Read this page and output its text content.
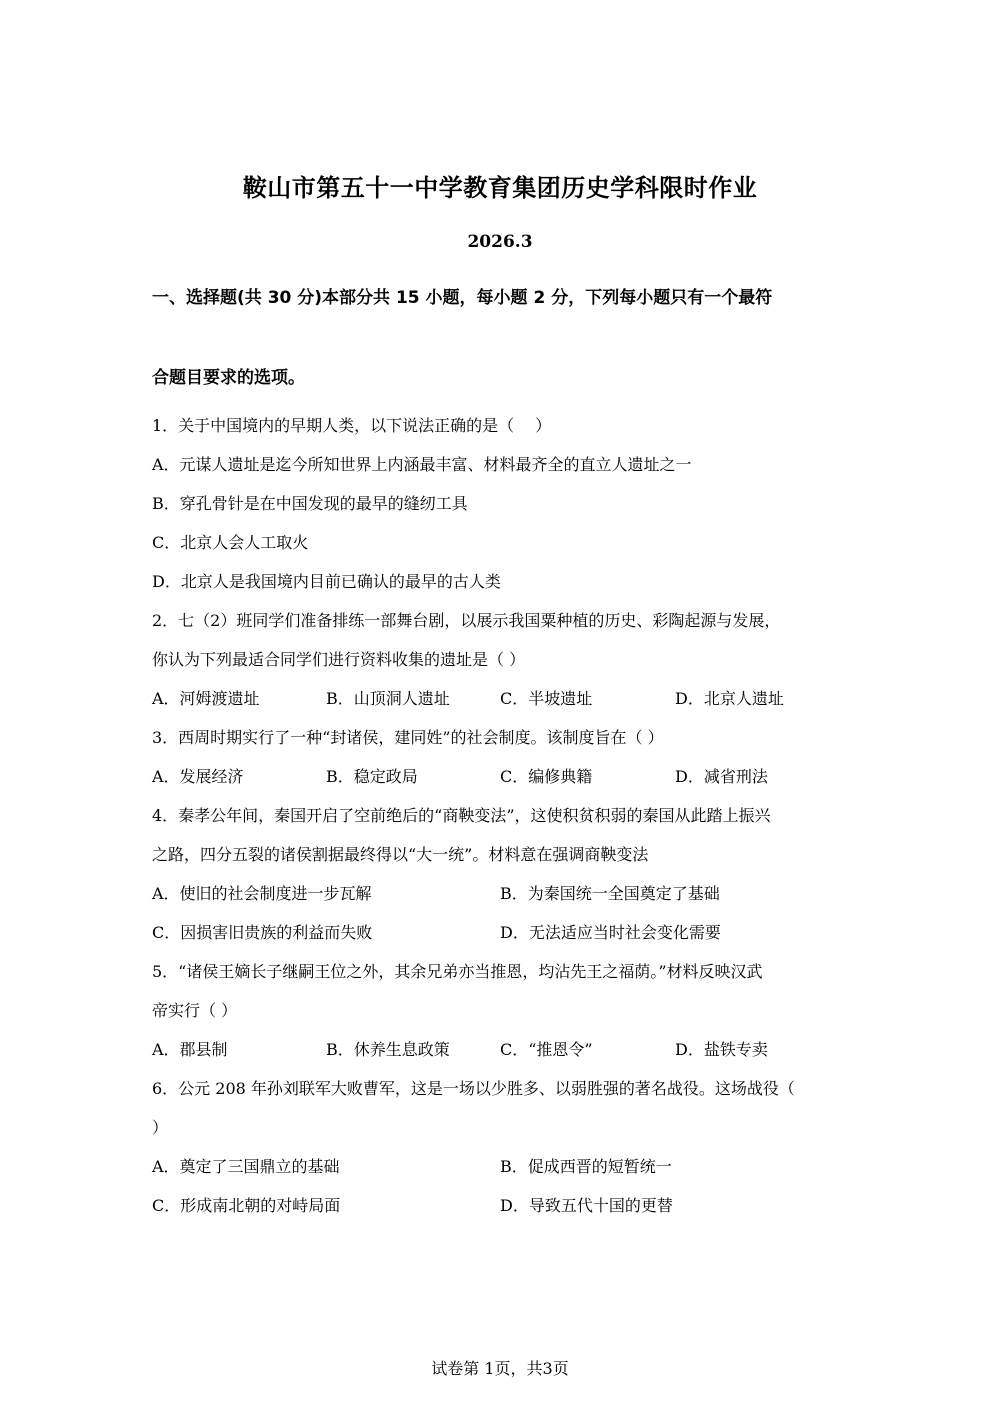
鞍山市第五十一中学教育集团历史学科限时作业
2026.3
一、选择题(共 30 分)本部分共 15 小题，每小题 2 分，下列每小题只有一个最符
合题目要求的选项。
1．关于中国境内的早期人类，以下说法正确的是（　 ）
A．元谋人遗址是迄今所知世界上内涵最丰富、材料最齐全的直立人遗址之一
B．穿孔骨针是在中国发现的最早的缝纫工具
C．北京人会人工取火
D．北京人是我国境内目前已确认的最早的古人类
2．七（2）班同学们准备排练一部舞台剧，以展示我国粟种植的历史、彩陶起源与发展，
你认为下列最适合同学们进行资料收集的遗址是（ ）
A．河姆渡遗址	B．山顶洞人遗址	C．半坡遗址	D．北京人遗址
3．西周时期实行了一种“封诸侯，建同姓”的社会制度。该制度旨在（ ）
A．发展经济	B．稳定政局	C．编修典籍	D．减省刑法
4．秦孝公年间，秦国开启了空前绝后的“商鞅变法”，这使积贫积弱的秦国从此踏上振兴
之路，四分五裂的诸侯割据最终得以“大一统”。材料意在强调商鞅变法
A．使旧的社会制度进一步瓦解	B．为秦国统一全国奠定了基础
C．因损害旧贵族的利益而失败	D．无法适应当时社会变化需要
5．“诸侯王嫡长子继嗣王位之外，其余兄弟亦当推恩，均沾先王之福荫。”材料反映汉武
帝实行（ ）
A．郡县制	B．休养生息政策	C．“推恩令”	D．盐铁专卖
6．公元 208 年孙刘联军大败曹军，这是一场以少胜多、以弱胜强的著名战役。这场战役（
）
A．奠定了三国鼎立的基础	B．促成西晋的短暂统一
C．形成南北朝的对峙局面	D．导致五代十国的更替
试卷第 1页，共3页
